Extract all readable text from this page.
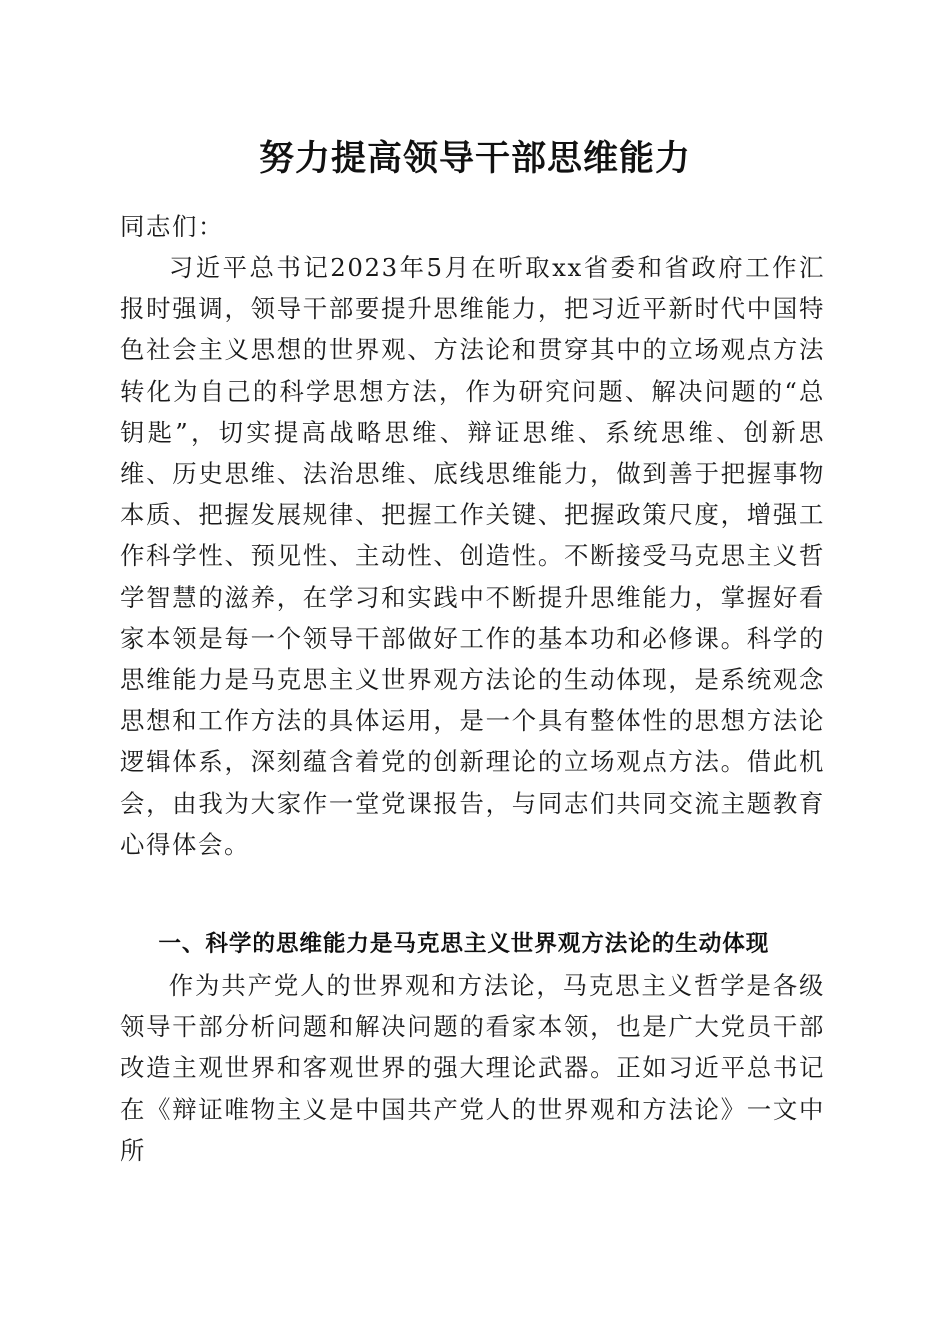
努力提高领导干部思维能力

同志们：

习近平总书记2023年5月在听取xx省委和省政府工作汇报时强调，领导干部要提升思维能力，把习近平新时代中国特色社会主义思想的世界观、方法论和贯穿其中的立场观点方法转化为自己的科学思想方法，作为研究问题、解决问题的“总钥匙”，切实提高战略思维、辩证思维、系统思维、创新思维、历史思维、法治思维、底线思维能力，做到善于把握事物本质、把握发展规律、把握工作关键、把握政策尺度，增强工作科学性、预见性、主动性、创造性。不断接受马克思主义哲学智慧的滋养，在学习和实践中不断提升思维能力，掌握好看家本领是每一个领导干部做好工作的基本功和必修课。科学的思维能力是马克思主义世界观方法论的生动体现，是系统观念思想和工作方法的具体运用，是一个具有整体性的思想方法论逻辑体系，深刻蕴含着党的创新理论的立场观点方法。借此机会，由我为大家作一堂党课报告，与同志们共同交流主题教育心得体会。

一、科学的思维能力是马克思主义世界观方法论的生动体现

作为共产党人的世界观和方法论，马克思主义哲学是各级领导干部分析问题和解决问题的看家本领，也是广大党员干部改造主观世界和客观世界的强大理论武器。正如习近平总书记在《辩证唯物主义是中国共产党人的世界观和方法论》一文中所
